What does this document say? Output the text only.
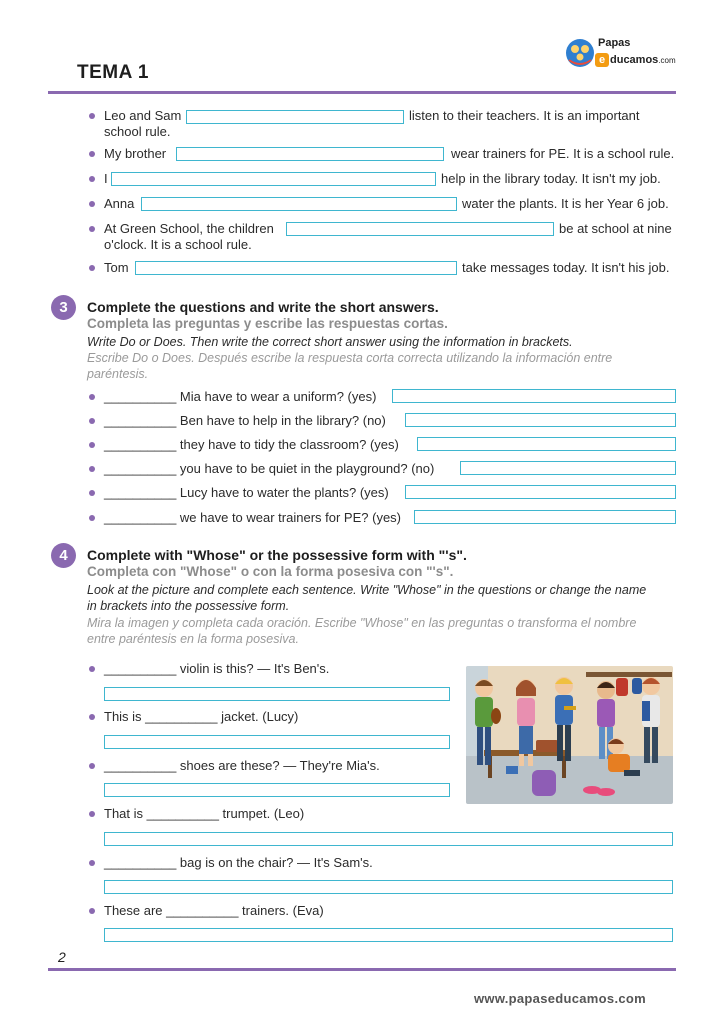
TEMA 1
Papas
e ducamos.com
Leo and Sam	listen to their teachers. It is an important
school rule.
My brother	wear trainers for PE. It is a school rule.
I	help in the library today. It isn't my job.
Anna	water the plants. It is her Year 6 job.
At Green School, the children	be at school at nine
o'clock. It is a school rule.
Tom	take messages today. It isn't his job.
3	Complete the questions and write the short answers.
Completa las preguntas y escribe las respuestas cortas.
Write Do or Does. Then write the correct short answer using the information in brackets.
Escribe Do o Does. Después escribe la respuesta corta correcta utilizando la información entre
paréntesis.
__________ Mia have to wear a uniform? (yes)
__________ Ben have to help in the library? (no)
__________ they have to tidy the classroom? (yes)
__________ you have to be quiet in the playground? (no)
__________ Lucy have to water the plants? (yes)
__________ we have to wear trainers for PE? (yes)
4	Complete with "Whose" or the possessive form with "'s".
Completa con "Whose" o con la forma posesiva con "'s".
Look at the picture and complete each sentence. Write "Whose" in the questions or change the name
in brackets into the possessive form.
Mira la imagen y completa cada oración. Escribe "Whose" en las preguntas o transforma el nombre
entre paréntesis en la forma posesiva.
__________ violin is this? — It's Ben's.
This is __________ jacket. (Lucy)
__________ shoes are these? — They're Mia's.
That is __________ trumpet. (Leo)
__________ bag is on the chair? — It's Sam's.
These are __________ trainers. (Eva)
2
www.papaseducamos.com
